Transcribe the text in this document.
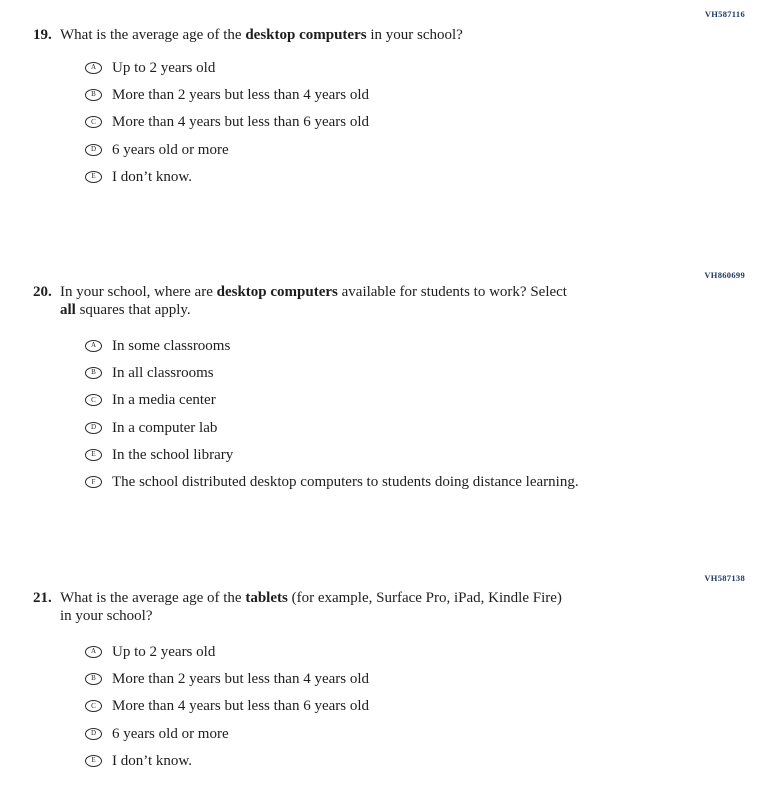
VH587116
VH860699
VH587138
19. What is the average age of the desktop computers in your school?

A	Up to 2 years old
B	More than 2 years but less than 4 years old
C	More than 4 years but less than 6 years old
D	6 years old or more
E	I don’t know.
20. In your school, where are desktop computers available for students to work? Select
all squares that apply.

A	In some classrooms
B	In all classrooms
C	In a media center
D	In a computer lab
E	In the school library
F	The school distributed desktop computers to students doing distance learning.
21. What is the average age of the tablets (for example, Surface Pro, iPad, Kindle Fire)
in your school?

A	Up to 2 years old
B	More than 2 years but less than 4 years old
C	More than 4 years but less than 6 years old
D	6 years old or more
E	I don’t know.
